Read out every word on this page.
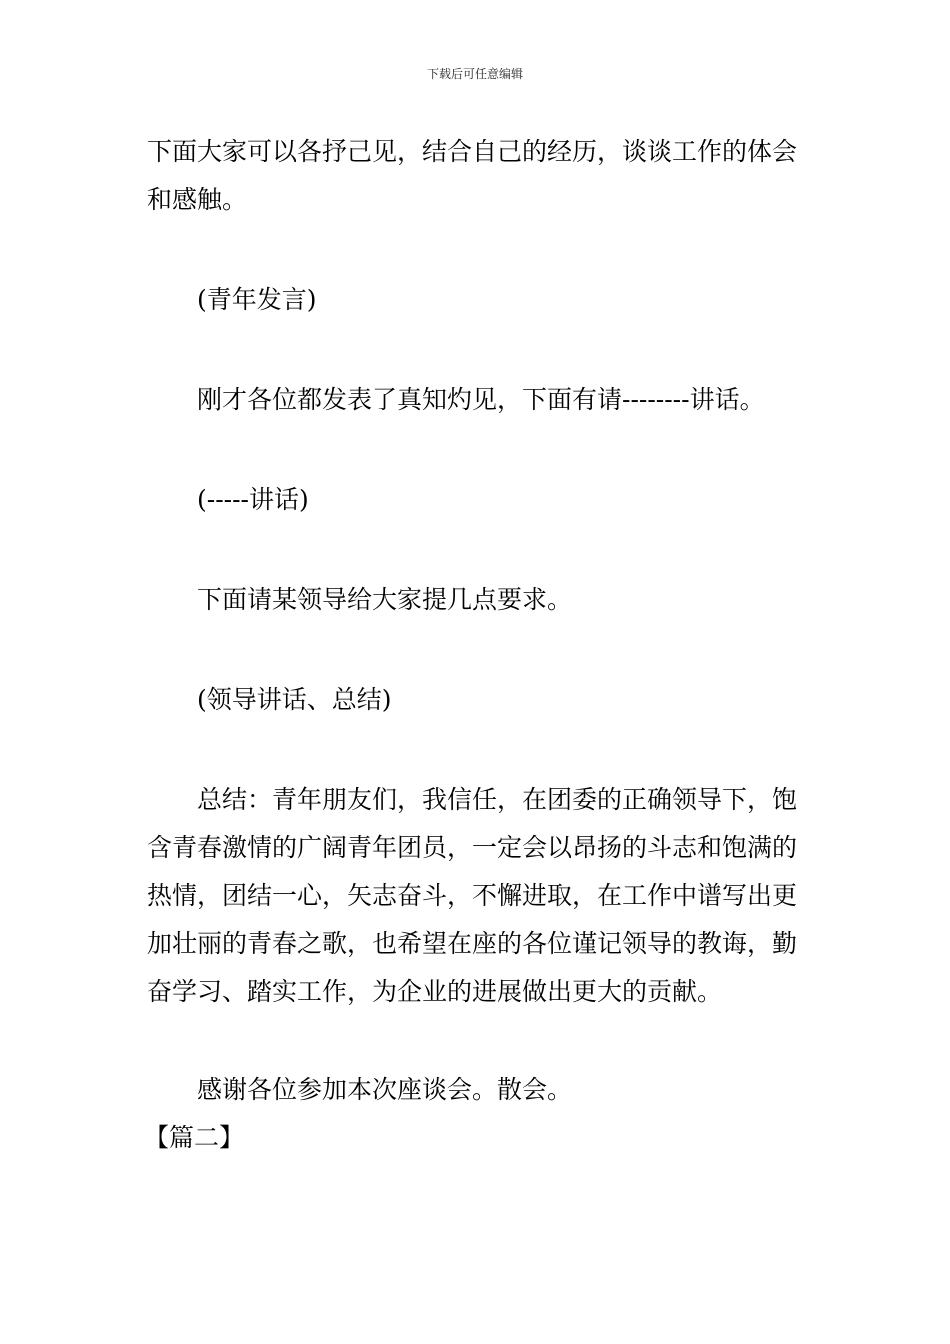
下载后可任意编辑

下面大家可以各抒己见，结合自己的经历，谈谈工作的体会和感触。

(青年发言)

刚才各位都发表了真知灼见，下面有请--------讲话。

(-----讲话)

下面请某领导给大家提几点要求。

(领导讲话、总结)

总结：青年朋友们，我信任，在团委的正确领导下，饱含青春激情的广阔青年团员，一定会以昂扬的斗志和饱满的热情，团结一心，矢志奋斗，不懈进取，在工作中谱写出更加壮丽的青春之歌，也希望在座的各位谨记领导的教诲，勤奋学习、踏实工作，为企业的进展做出更大的贡献。

感谢各位参加本次座谈会。散会。

【篇二】
